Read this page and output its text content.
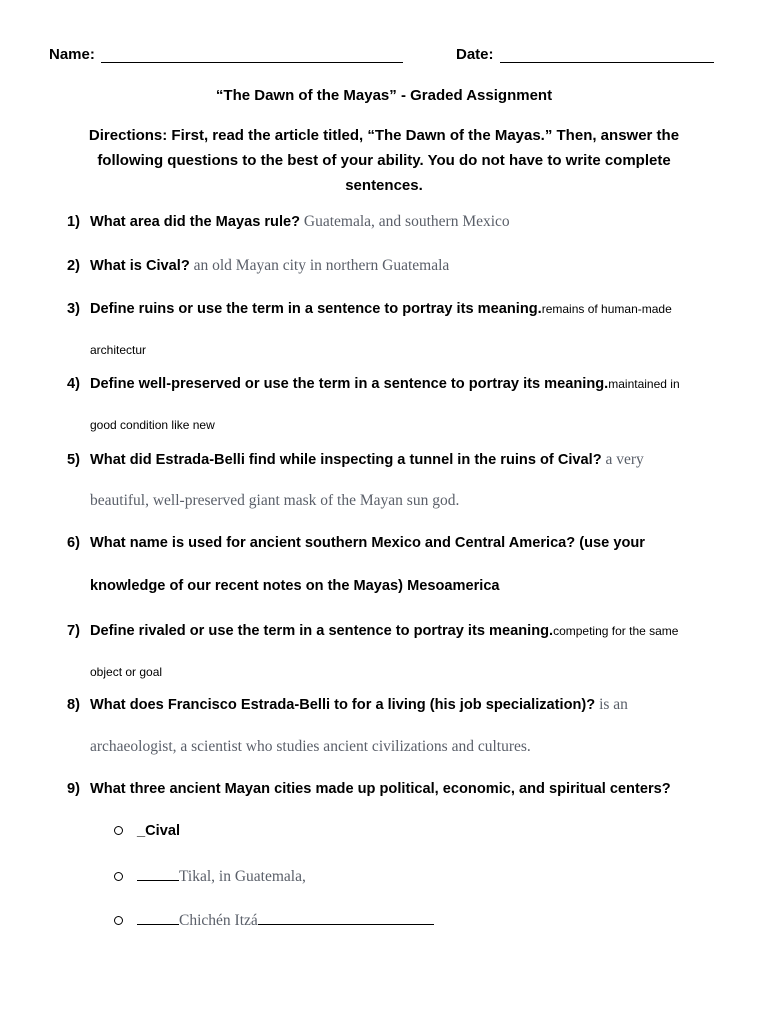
Name:	Date:
“The Dawn of the Mayas” - Graded Assignment
Directions: First, read the article titled, “The Dawn of the Mayas.” Then, answer the following questions to the best of your ability. You do not have to write complete sentences.
1) What area did the Mayas rule? Guatemala, and southern Mexico
2) What is Cival? an old Mayan city in northern Guatemala
3) Define ruins or use the term in a sentence to portray its meaning.remains of human-made
architectur
4) Define well-preserved or use the term in a sentence to portray its meaning.maintained in
good condition like new
5) What did Estrada-Belli find while inspecting a tunnel in the ruins of Cival? a very
beautiful, well-preserved giant mask of the Mayan sun god.
6) What name is used for ancient southern Mexico and Central America? (use your
knowledge of our recent notes on the Mayas) Mesoamerica
7) Define rivaled or use the term in a sentence to portray its meaning.competing for the same
object or goal
8) What does Francisco Estrada-Belli to for a living (his job specialization)? is an
archaeologist, a scientist who studies ancient civilizations and cultures.
9) What three ancient Mayan cities made up political, economic, and spiritual centers?
_Cival
Tikal, in Guatemala,
Chichén Itzá
